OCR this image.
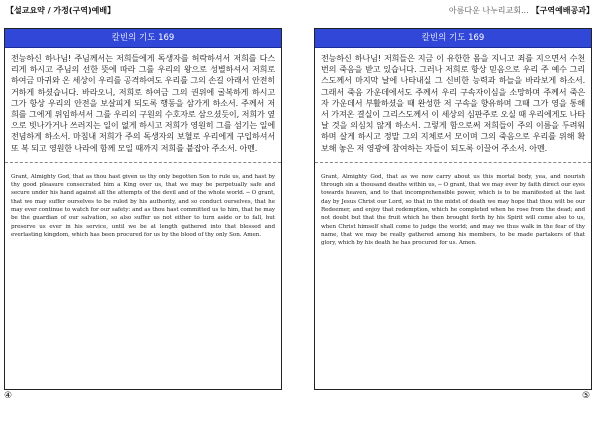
【설교요약 / 가정(구역)예배】	아름다운 나누리교회... 【구역예배공과】
칼빈의 기도 169
전능하신 하나님! 주님께서는 저희들에게 독생자를 허락하셔서 저희를 다스리게 하시고 주님의 선한 뜻에 따라 그를 우리의 왕으로 성별하셔서 저희로 하여금 마귀와 온 세상이 우리를 공격하여도 우리를 그의 손길 아래서 안전히 거하게 하셨습니다. 바라오니, 저희로 하여금 그의 권위에 굴복하게 하시고 그가 항상 우리의 안전을 보살피게 되도록 행동을 삼가게 하소서. 주께서 저희를 그에게 위임하셔서 그를 우리의 구원의 수호자로 삼으셨듯이, 저희가 옆으로 빗나가거나 쓰러지는 일이 없게 하시고 저희가 영원히 그를 섬기는 일에 전념하게 하소서. 마침내 저희가 주의 독생자의 보혈로 우리에게 구입하셔서 또 복 되고 영원한 나라에 함께 모일 때까지 저희를 붙잡아 주소서. 아멘.
Grant, Almighty God, that as thou hast given us thy only begotten Son to rule us, and hast by thy good pleasure consecrated him a King over us, that we may be perpetually safe and secure under his hand against all the attempts of the devil and of the whole world. ─ O grant, that we may suffer ourselves to be ruled by his authority, and so conduct ourselves, that he may ever continue to watch for our safety: and as thou hast committed us to him, that he may be the guardian of our salvation, so also suffer us not either to turn aside or to fall, but preserve us ever in his service, until we be at length gathered into that blessed and everlasting kingdom, which has been procured for us by the blood of thy only Son. Amen.
칼빈의 기도 169
전능하신 하나님! 저희들은 지금 이 유한한 몸을 지니고 죄를 지으면서 수천 번의 죽음을 받고 있습니다. 그러나 저희로 항상 믿음으로 우리 주 예수 그리스도께서 마지막 날에 나타내실 그 신비한 능력과 하늘을 바라보게 하소서. 그래서 죽음 가운데에서도 주께서 우리 구속자이심을 소망하며 주께서 죽은 자 가운데서 부활하셨을 때 완성한 저 구속을 향유하며 그때 그가 영을 통해서 가져온 결실이 그리스도께서 이 세상의 심판주로 오실 때 우리에게도 나타날 것을 의심치 않게 하소서. 그렇게 함으로써 저희들이 주의 이름을 두려워하며 살게 하시고 정말 그의 지체로서 모이며 그의 죽음으로 우리를 위해 확보해 놓은 저 영광에 참여하는 자들이 되도록 이끌어 주소서. 아멘.
Grant, Almighty God, that as we now carry about us this mortal body, yea, and nourish through sin a thousand deaths within us, ─ O grant, that we may ever by faith direct our eyes towards heaven, and to that incomprehensible power, which is to be manifested at the last day by Jesus Christ our Lord, so that in the midst of death we may hope that thou wilt be our Redeemer, and enjoy that redemption, which he completed when he rose from the dead; and not doubt but that the fruit which he then brought forth by his Spirit will come also to us, when Christ himself shall come to judge the world; and may we thus walk in the fear of thy name, that we may be really gathered among his members, to be made partakers of that glory, which by his death he has procured for us. Amen.
④	⑤
